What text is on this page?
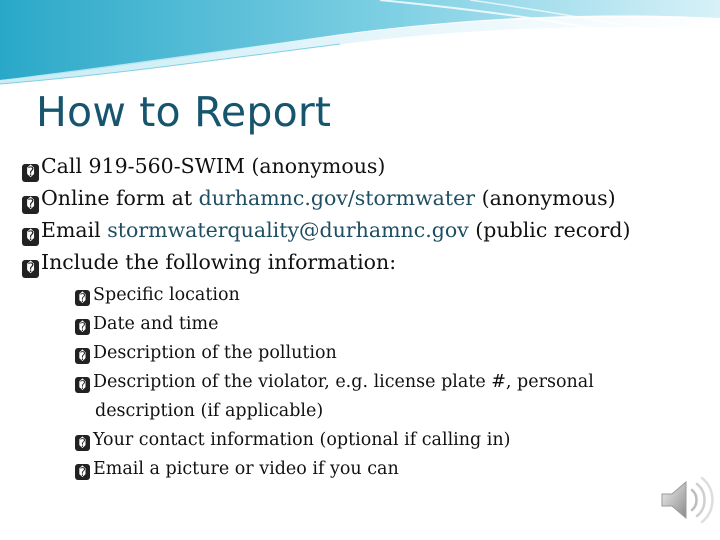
How to Report
� Call 919-560-SWIM (anonymous)
� Online form at durhamnc.gov/stormwater (anonymous)
� Email stormwaterquality@durhamnc.gov (public record)
� Include the following information:
� Specific location
� Date and time
� Description of the pollution
� Description of the violator, e.g. license plate #, personal description (if applicable)
� Your contact information (optional if calling in)
� Email a picture or video if you can
